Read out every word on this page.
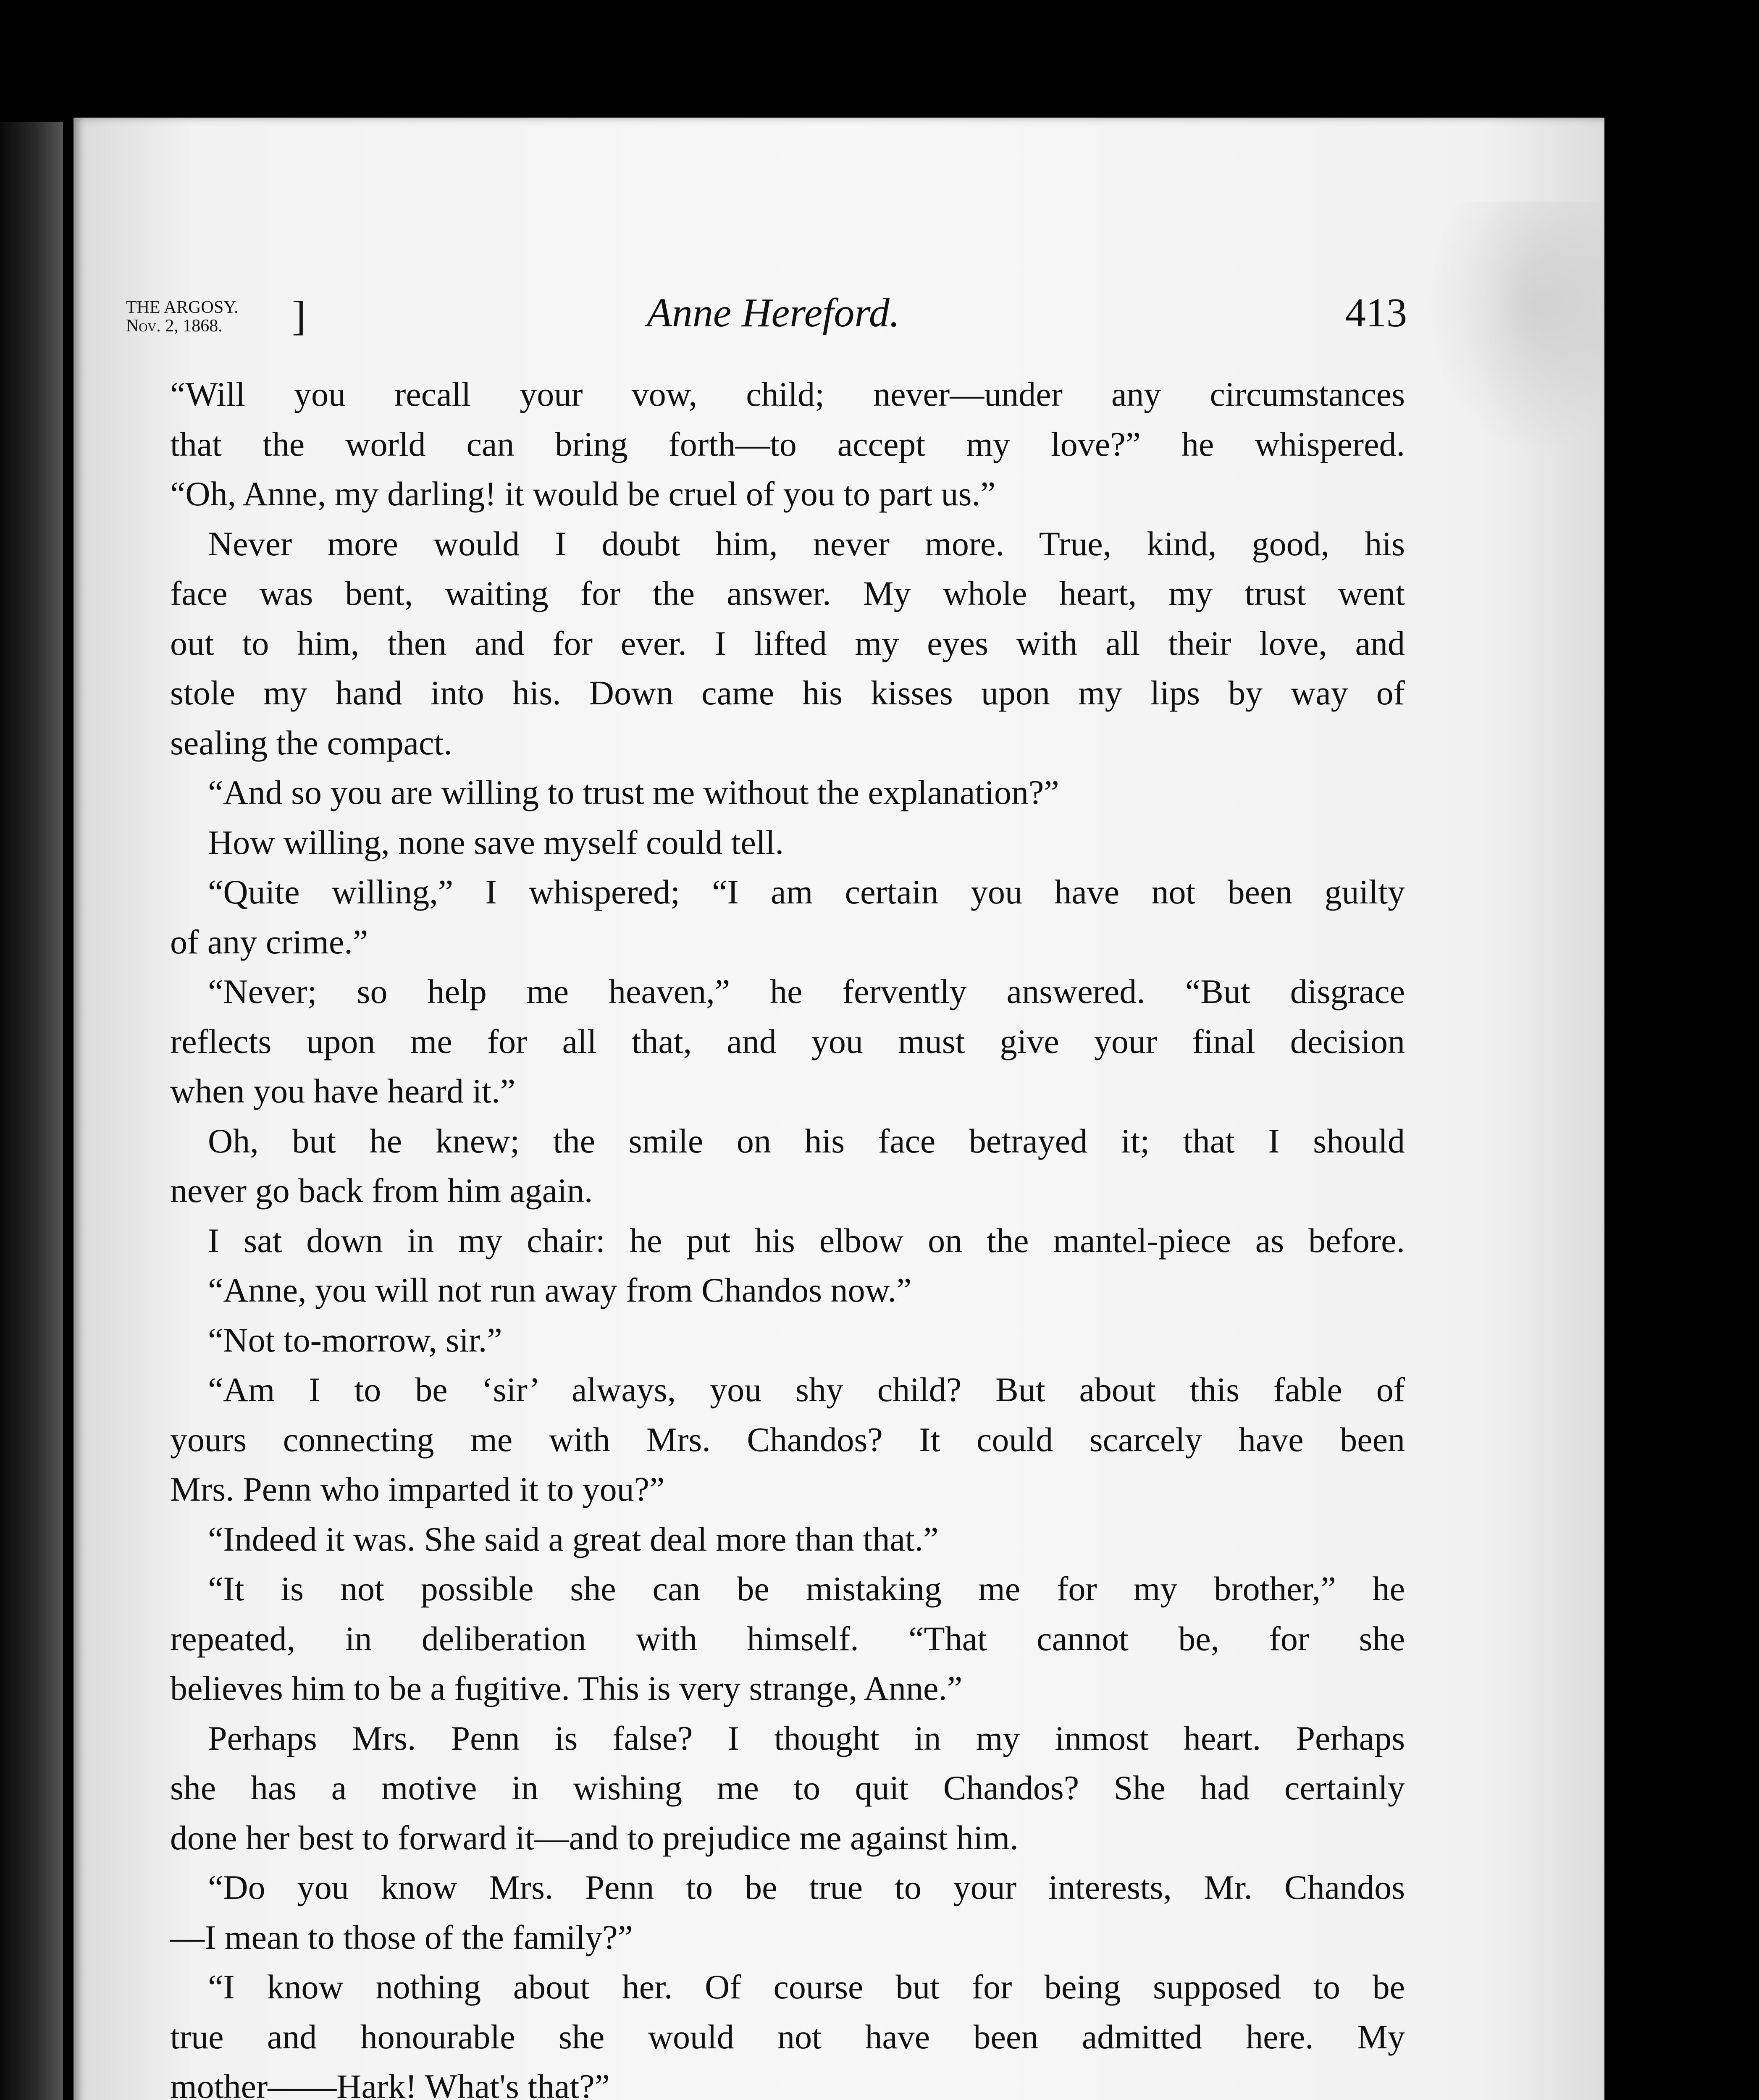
THE ARGOSY.
Nov. 2, 1868.	]	Anne Hereford.	413
“Will you recall your vow, child; never—under any circumstances
that the world can bring forth—to accept my love?” he whispered.
“Oh, Anne, my darling! it would be cruel of you to part us.”
Never more would I doubt him, never more. True, kind, good, his
face was bent, waiting for the answer. My whole heart, my trust went
out to him, then and for ever. I lifted my eyes with all their love, and
stole my hand into his. Down came his kisses upon my lips by way of
sealing the compact.
“And so you are willing to trust me without the explanation?”
How willing, none save myself could tell.
“Quite willing,” I whispered; “I am certain you have not been guilty
of any crime.”
“Never; so help me heaven,” he fervently answered. “But disgrace
reflects upon me for all that, and you must give your final decision
when you have heard it.”
Oh, but he knew; the smile on his face betrayed it; that I should
never go back from him again.
I sat down in my chair: he put his elbow on the mantel-piece as before.
“Anne, you will not run away from Chandos now.”
“Not to-morrow, sir.”
“Am I to be ‘sir’ always, you shy child? But about this fable of
yours connecting me with Mrs. Chandos? It could scarcely have been
Mrs. Penn who imparted it to you?”
“Indeed it was. She said a great deal more than that.”
“It is not possible she can be mistaking me for my brother,” he
repeated, in deliberation with himself. “That cannot be, for she
believes him to be a fugitive. This is very strange, Anne.”
Perhaps Mrs. Penn is false? I thought in my inmost heart. Perhaps
she has a motive in wishing me to quit Chandos? She had certainly
done her best to forward it—and to prejudice me against him.
“Do you know Mrs. Penn to be true to your interests, Mr. Chandos
—I mean to those of the family?”
“I know nothing about her. Of course but for being supposed to be
true and honourable she would not have been admitted here. My
mother——Hark! What's that?”
